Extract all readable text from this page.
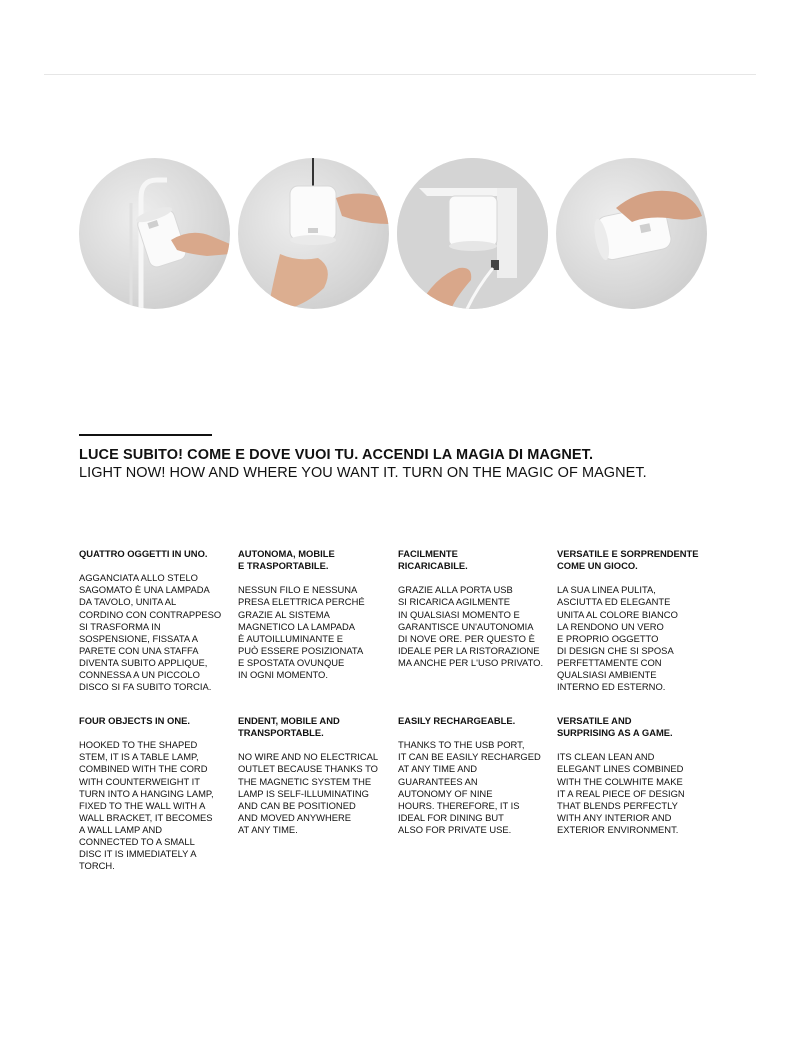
LUCE SUBITO! COME E DOVE VUOI TU. ACCENDI LA MAGIA DI MAGNET.
LIGHT NOW! HOW AND WHERE YOU WANT IT. TURN ON THE MAGIC OF MAGNET.

QUATTRO OGGETTI IN UNO.

AGGANCIATA ALLO STELO
SAGOMATO È UNA LAMPADA
DA TAVOLO, UNITA AL
CORDINO CON CONTRAPPESO
SI TRASFORMA IN
SOSPENSIONE, FISSATA A
PARETE CON UNA STAFFA
DIVENTA SUBITO APPLIQUE,
CONNESSA A UN PICCOLO
DISCO SI FA SUBITO TORCIA.

AUTONOMA, MOBILE
E TRASPORTABILE.

NESSUN FILO E NESSUNA
PRESA ELETTRICA PERCHÉ
GRAZIE AL SISTEMA
MAGNETICO LA LAMPADA
È AUTOILLUMINANTE E
PUÒ ESSERE POSIZIONATA
E SPOSTATA OVUNQUE
IN OGNI MOMENTO.

FACILMENTE
RICARICABILE.

GRAZIE ALLA PORTA USB
SI RICARICA AGILMENTE
IN QUALSIASI MOMENTO E
GARANTISCE UN'AUTONOMIA
DI NOVE ORE. PER QUESTO È
IDEALE PER LA RISTORAZIONE
MA ANCHE PER L'USO PRIVATO.

VERSATILE E SORPRENDENTE
COME UN GIOCO.

LA SUA LINEA PULITA,
ASCIUTTA ED ELEGANTE
UNITA AL COLORE BIANCO
LA RENDONO UN VERO
E PROPRIO OGGETTO
DI DESIGN CHE SI SPOSA
PERFETTAMENTE CON
QUALSIASI AMBIENTE
INTERNO ED ESTERNO.

FOUR OBJECTS IN ONE.

HOOKED TO THE SHAPED
STEM, IT IS A TABLE LAMP,
COMBINED WITH THE CORD
WITH COUNTERWEIGHT IT
TURN INTO A HANGING LAMP,
FIXED TO THE WALL WITH A
WALL BRACKET, IT BECOMES
A WALL LAMP AND
CONNECTED TO A SMALL
DISC IT IS IMMEDIATELY A
TORCH.

ENDENT, MOBILE AND
TRANSPORTABLE.

NO WIRE AND NO ELECTRICAL
OUTLET BECAUSE THANKS TO
THE MAGNETIC SYSTEM THE
LAMP IS SELF-ILLUMINATING
AND CAN BE POSITIONED
AND MOVED ANYWHERE
AT ANY TIME.

EASILY RECHARGEABLE.

THANKS TO THE USB PORT,
IT CAN BE EASILY RECHARGED
AT ANY TIME AND
GUARANTEES AN
AUTONOMY OF NINE
HOURS. THEREFORE, IT IS
IDEAL FOR DINING BUT
ALSO FOR PRIVATE USE.

VERSATILE AND
SURPRISING AS A GAME.

ITS CLEAN LEAN AND
ELEGANT LINES COMBINED
WITH THE COLWHITE MAKE
IT A REAL PIECE OF DESIGN
THAT BLENDS PERFECTLY
WITH ANY INTERIOR AND
EXTERIOR ENVIRONMENT.
